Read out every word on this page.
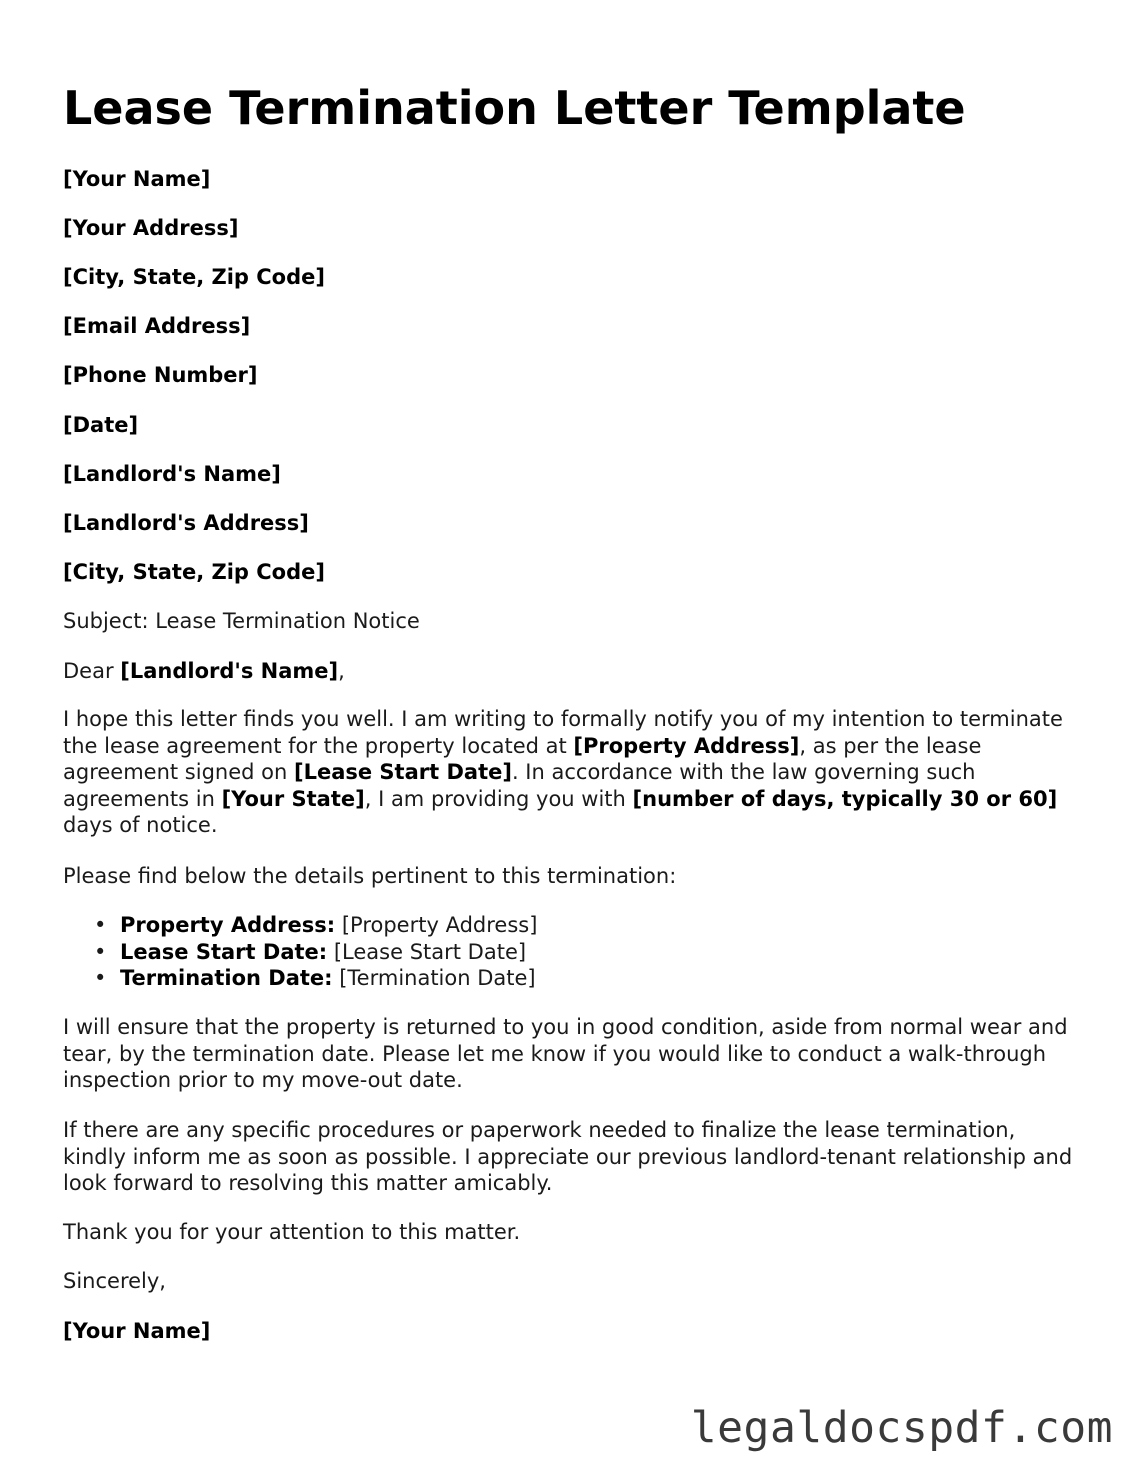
Lease Termination Letter Template

[Your Name]

[Your Address]

[City, State, Zip Code]

[Email Address]

[Phone Number]

[Date]

[Landlord's Name]

[Landlord's Address]

[City, State, Zip Code]

Subject: Lease Termination Notice

Dear [Landlord's Name],

I hope this letter finds you well. I am writing to formally notify you of my intention to terminate the lease agreement for the property located at [Property Address], as per the lease agreement signed on [Lease Start Date]. In accordance with the law governing such agreements in [Your State], I am providing you with [number of days, typically 30 or 60] days of notice.

Please find below the details pertinent to this termination:

• Property Address: [Property Address]
• Lease Start Date: [Lease Start Date]
• Termination Date: [Termination Date]

I will ensure that the property is returned to you in good condition, aside from normal wear and tear, by the termination date. Please let me know if you would like to conduct a walk-through inspection prior to my move-out date.

If there are any specific procedures or paperwork needed to finalize the lease termination, kindly inform me as soon as possible. I appreciate our previous landlord-tenant relationship and look forward to resolving this matter amicably.

Thank you for your attention to this matter.

Sincerely,

[Your Name]

legaldocspdf.com
